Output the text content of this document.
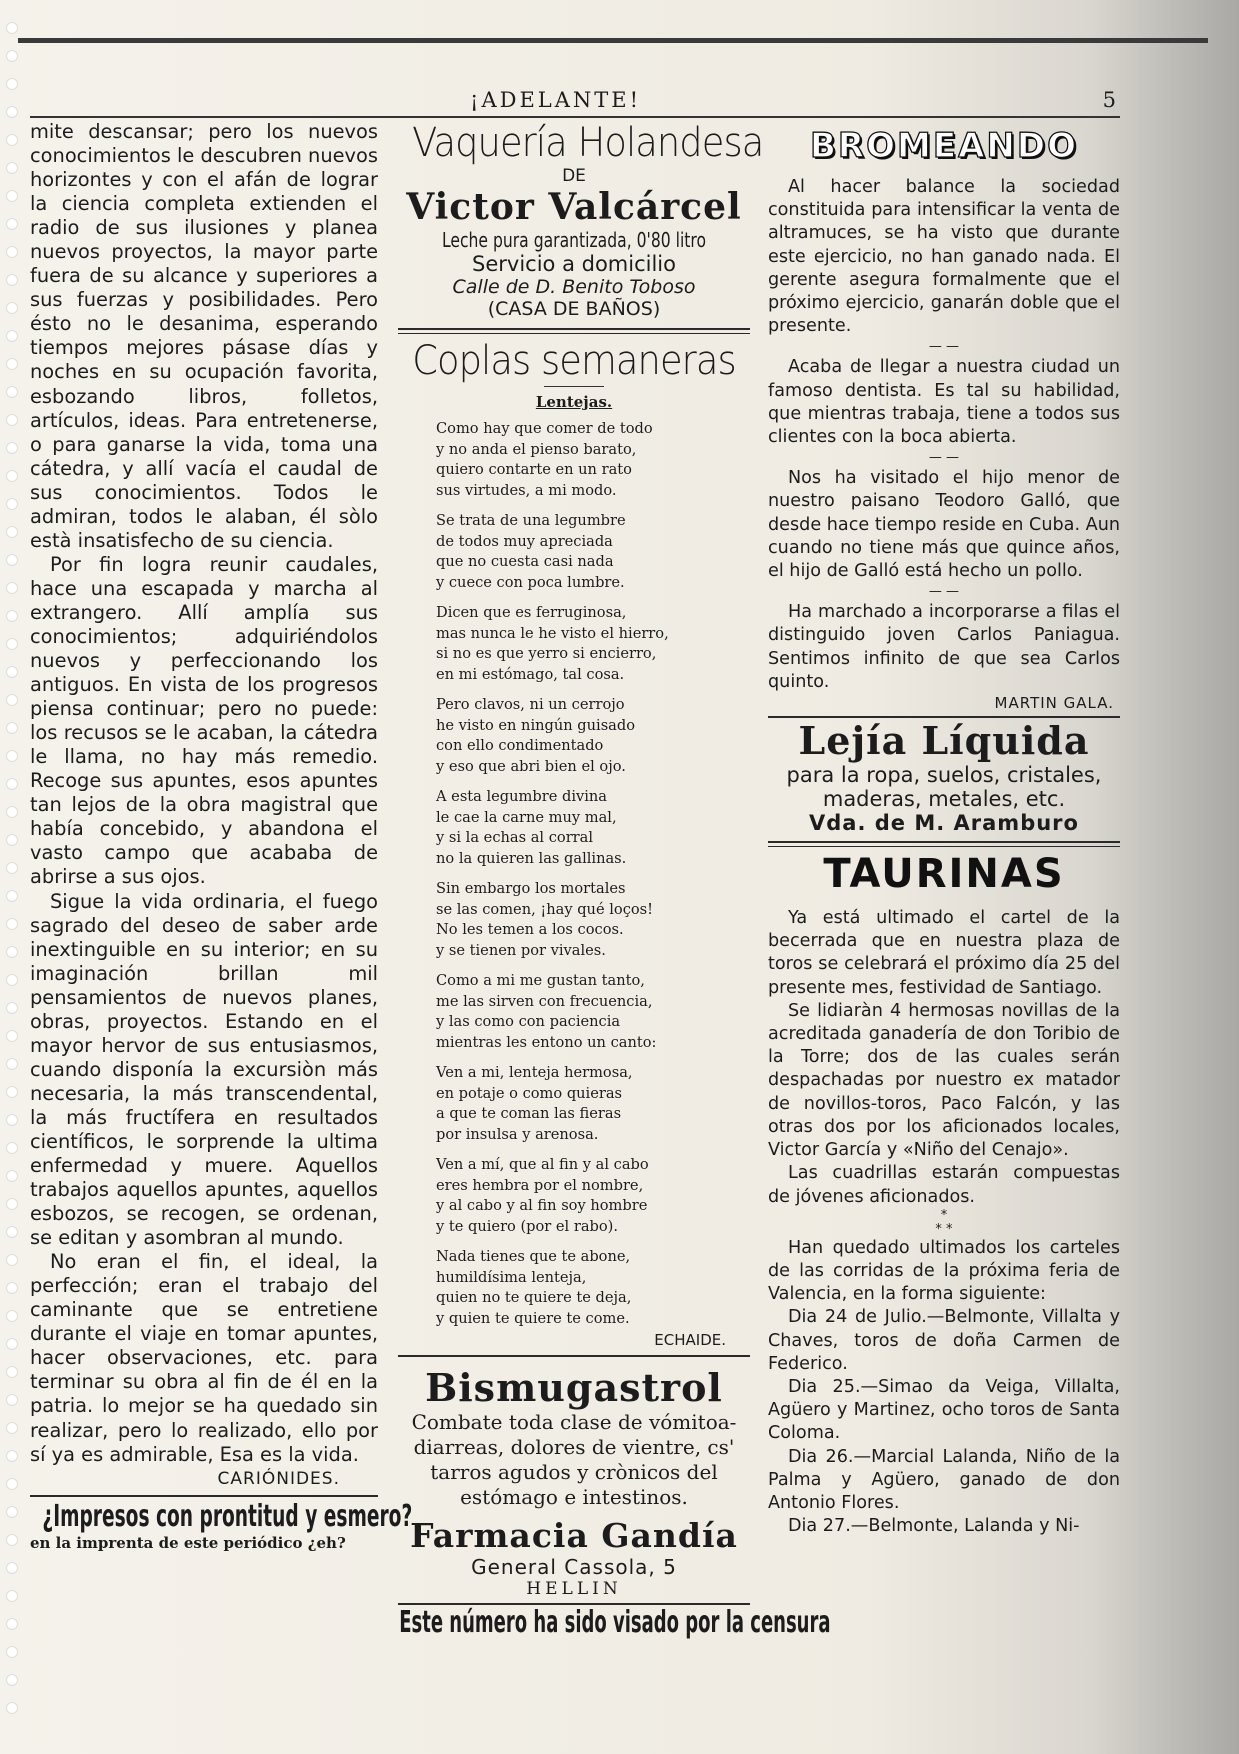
¡ADELANTE!	5

mite descansar; pero los nuevos conocimientos le descubren nuevos horizontes y con el afán de lograr la ciencia completa extienden el radio de sus ilusiones y planea nuevos proyectos, la mayor parte fuera de su alcance y superiores a sus fuerzas y posibilidades. Pero ésto no le desanima, esperando tiempos mejores pásase días y noches en su ocupación favorita, esbozando libros, folletos, artículos, ideas. Para entretenerse, o para ganarse la vida, toma una cátedra, y allí vacía el caudal de sus conocimientos. Todos le admiran, todos le alaban, él sòlo està insatisfecho de su ciencia.

Por fin logra reunir caudales, hace una escapada y marcha al extrangero. Allí amplía sus conocimientos; adquiriéndolos nuevos y perfeccionando los antiguos. En vista de los progresos piensa continuar; pero no puede: los recusos se le acaban, la cátedra le llama, no hay más remedio. Recoge sus apuntes, esos apuntes tan lejos de la obra magistral que había concebido, y abandona el vasto campo que acababa de abrirse a sus ojos.

Sigue la vida ordinaria, el fuego sagrado del deseo de saber arde inextinguible en su interior; en su imaginación brillan mil pensamientos de nuevos planes, obras, proyectos. Estando en el mayor hervor de sus entusiasmos, cuando disponía la excursiòn más necesaria, la más transcendental, la más fructífera en resultados científicos, le sorprende la ultima enfermedad y muere. Aquellos trabajos aquellos apuntes, aquellos esbozos, se recogen, se ordenan, se editan y asombran al mundo.

No eran el fin, el ideal, la perfección; eran el trabajo del caminante que se entretiene durante el viaje en tomar apuntes, hacer observaciones, etc. para terminar su obra al fin de él en la patria. lo mejor se ha quedado sin realizar, pero lo realizado, ello por sí ya es admirable, Esa es la vida.

CARIÓNIDES.
¿Impresos con prontitud y esmero?
en la imprenta de este periódico ¿eh?
Vaquería Holandesa
DE
Victor Valcárcel
Leche pura garantizada, 0'80 litro
Servicio a domicilio
Calle de D. Benito Toboso
(CASA DE BAÑOS)
Coplas semaneras
Lentejas.
Como hay que comer de todo
y no anda el pienso barato,
quiero contarte en un rato
sus virtudes, a mi modo.
Se trata de una legumbre
de todos muy apreciada
que no cuesta casi nada
y cuece con poca lumbre.
Dicen que es ferruginosa,
mas nunca le he visto el hierro,
si no es que yerro si encierro,
en mi estómago, tal cosa.
Pero clavos, ni un cerrojo
he visto en ningún guisado
con ello condimentado
y eso que abri bien el ojo.
A esta legumbre divina
le cae la carne muy mal,
y si la echas al corral
no la quieren las gallinas.
Sin embargo los mortales
se las comen, ¡hay qué loços!
No les temen a los cocos.
y se tienen por vivales.
Como a mi me gustan tanto,
me las sirven con frecuencia,
y las como con paciencia
mientras les entono un canto:
Ven a mi, lenteja hermosa,
en potaje o como quieras
a que te coman las fieras
por insulsa y arenosa.
Ven a mí, que al fin y al cabo
eres hembra por el nombre,
y al cabo y al fin soy hombre
y te quiero (por el rabo).
Nada tienes que te abone,
humildísima lenteja,
quien no te quiere te deja,
y quien te quiere te come.
ECHAIDE.
Bismugastrol
Combate toda clase de vómitoa-diarreas, dolores de vientre, cs' tarros agudos y crònicos del estómago e intestinos.
Farmacia Gandía
General Cassola, 5
HELLIN
Este número ha sido visado por la censura
BROMEANDO

Al hacer balance la sociedad constituida para intensificar la venta de altramuces, se ha visto que durante este ejercicio, no han ganado nada. El gerente asegura formalmente que el próximo ejercicio, ganarán doble que el presente.

— —

Acaba de llegar a nuestra ciudad un famoso dentista. Es tal su habilidad, que mientras trabaja, tiene a todos sus clientes con la boca abierta.

— —

Nos ha visitado el hijo menor de nuestro paisano Teodoro Galló, que desde hace tiempo reside en Cuba. Aun cuando no tiene más que quince años, el hijo de Galló está hecho un pollo.

— —

Ha marchado a incorporarse a filas el distinguido joven Carlos Paniagua. Sentimos infinito de que sea Carlos quinto.

MARTIN GALA.
Lejía Líquida
para la ropa, suelos, cristales,
maderas, metales, etc.
Vda. de M. Aramburo
TAURINAS

Ya está ultimado el cartel de la becerrada que en nuestra plaza de toros se celebrará el próximo día 25 del presente mes, festividad de Santiago.

Se lidiaràn 4 hermosas novillas de la acreditada ganadería de don Toribio de la Torre; dos de las cuales serán despachadas por nuestro ex matador de novillos-toros, Paco Falcón, y las otras dos por los aficionados locales, Victor García y «Niño del Cenajo».

Las cuadrillas estarán compuestas de jóvenes aficionados.

*
* *

Han quedado ultimados los carteles de las corridas de la próxima feria de Valencia, en la forma siguiente:

Dia 24 de Julio.—Belmonte, Villalta y Chaves, toros de doña Carmen de Federico.

Dia 25.—Simao da Veiga, Villalta, Agüero y Martinez, ocho toros de Santa Coloma.

Dia 26.—Marcial Lalanda, Niño de la Palma y Agüero, ganado de don Antonio Flores.

Dia 27.—Belmonte, Lalanda y Ni-
